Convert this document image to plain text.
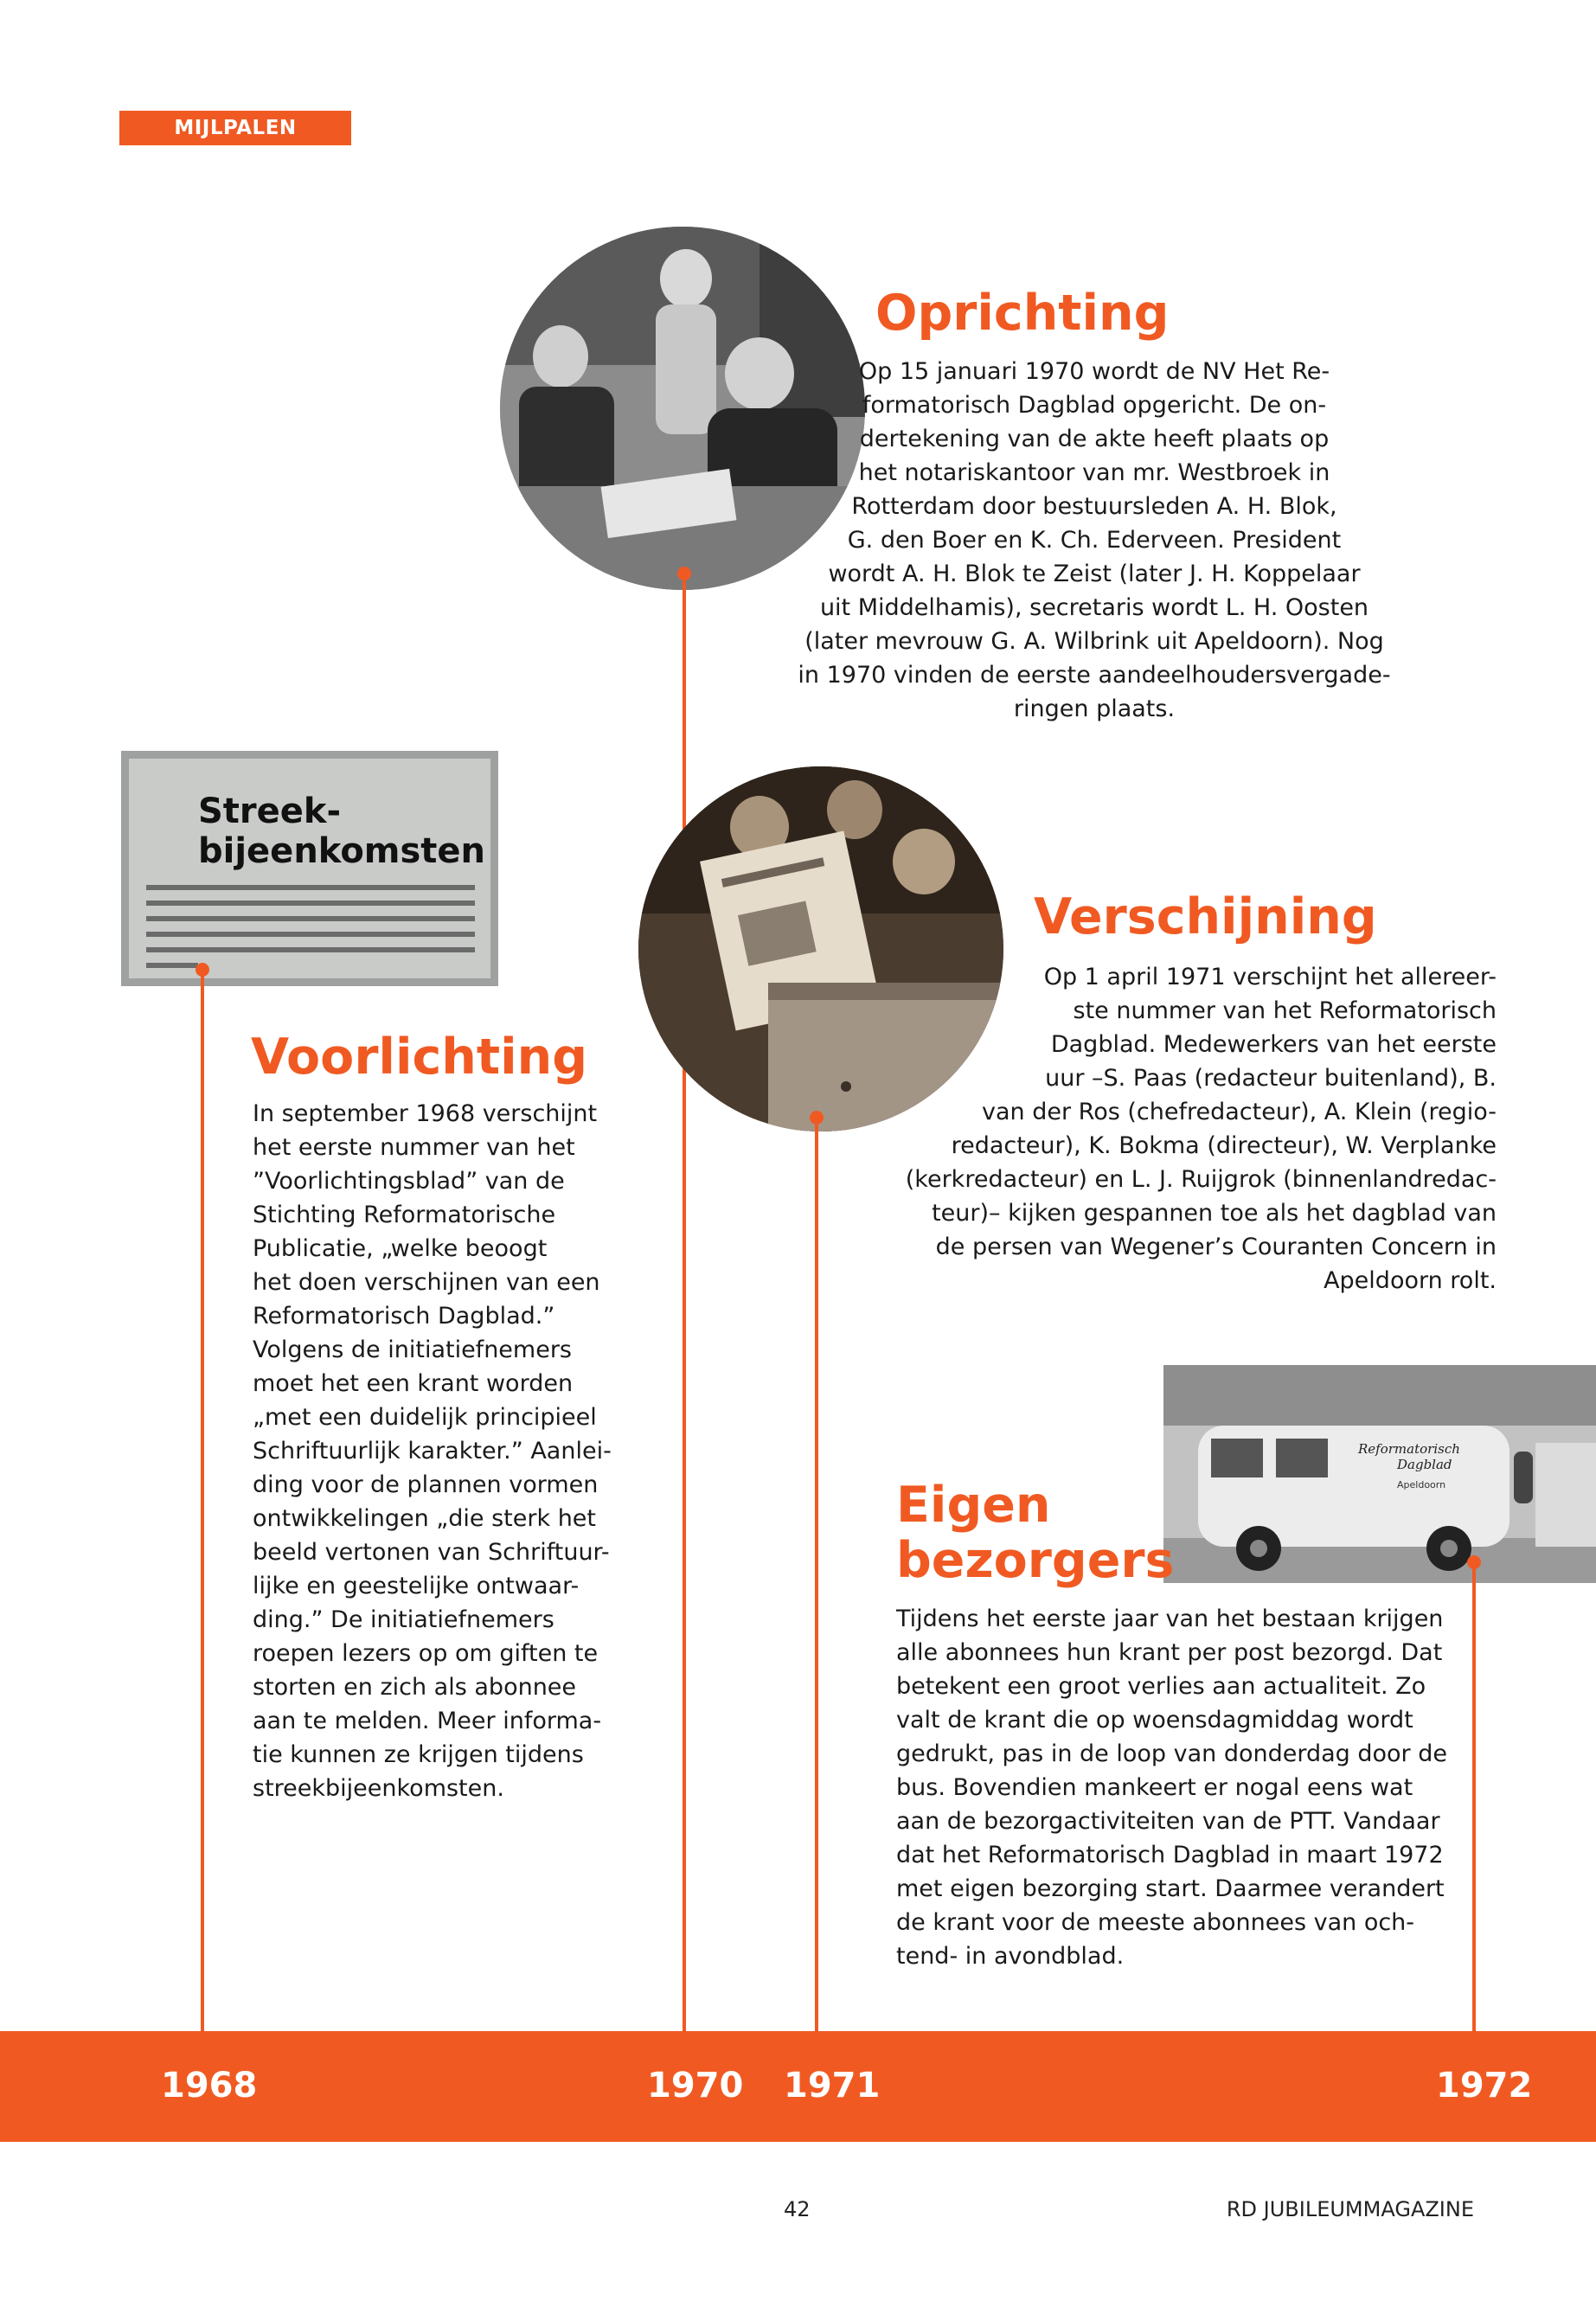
MIJLPALEN
Oprichting
Op 15 januari 1970 wordt de NV Het Re-
formatorisch Dagblad opgericht. De on-
dertekening van de akte heeft plaats op
het notariskantoor van mr. Westbroek in
Rotterdam door bestuursleden A. H. Blok,
G. den Boer en K. Ch. Ederveen. President
wordt A. H. Blok te Zeist (later J. H. Koppelaar
uit Middelhamis), secretaris wordt L. H. Oosten
(later mevrouw G. A. Wilbrink uit Apeldoorn). Nog
in 1970 vinden de eerste aandeelhoudersvergade-
ringen plaats.
Streek-
bijeenkomsten
Verschijning
Op 1 april 1971 verschijnt het allereer-
ste nummer van het Reformatorisch
Dagblad. Medewerkers van het eerste
uur –S. Paas (redacteur buitenland), B.
van der Ros (chefredacteur), A. Klein (regio-
redacteur), K. Bokma (directeur), W. Verplanke
(kerkredacteur) en L. J. Ruijgrok (binnenlandredac-
teur)– kijken gespannen toe als het dagblad van
de persen van Wegener’s Couranten Concern in
Apeldoorn rolt.
Voorlichting
In september 1968 verschijnt
het eerste nummer van het
”Voorlichtingsblad” van de
Stichting Reformatorische
Publicatie, „welke beoogt
het doen verschijnen van een
Reformatorisch Dagblad.”
Volgens de initiatiefnemers
moet het een krant worden
„met een duidelijk principieel
Schriftuurlijk karakter.” Aanlei-
ding voor de plannen vormen
ontwikkelingen „die sterk het
beeld vertonen van Schriftuur-
lijke en geestelijke ontwaar-
ding.” De initiatiefnemers
roepen lezers op om giften te
storten en zich als abonnee
aan te melden. Meer informa-
tie kunnen ze krijgen tijdens
streekbijeenkomsten.
Reformatorisch
Dagblad
Apeldoorn
Eigen
bezorgers
Tijdens het eerste jaar van het bestaan krijgen
alle abonnees hun krant per post bezorgd. Dat
betekent een groot verlies aan actualiteit. Zo
valt de krant die op woensdagmiddag wordt
gedrukt, pas in de loop van donderdag door de
bus. Bovendien mankeert er nogal eens wat
aan de bezorgactiviteiten van de PTT. Vandaar
dat het Reformatorisch Dagblad in maart 1972
met eigen bezorging start. Daarmee verandert
de krant voor de meeste abonnees van och-
tend- in avondblad.
1968	1970 1971	1972
42	RD JUBILEUMMAGAZINE
